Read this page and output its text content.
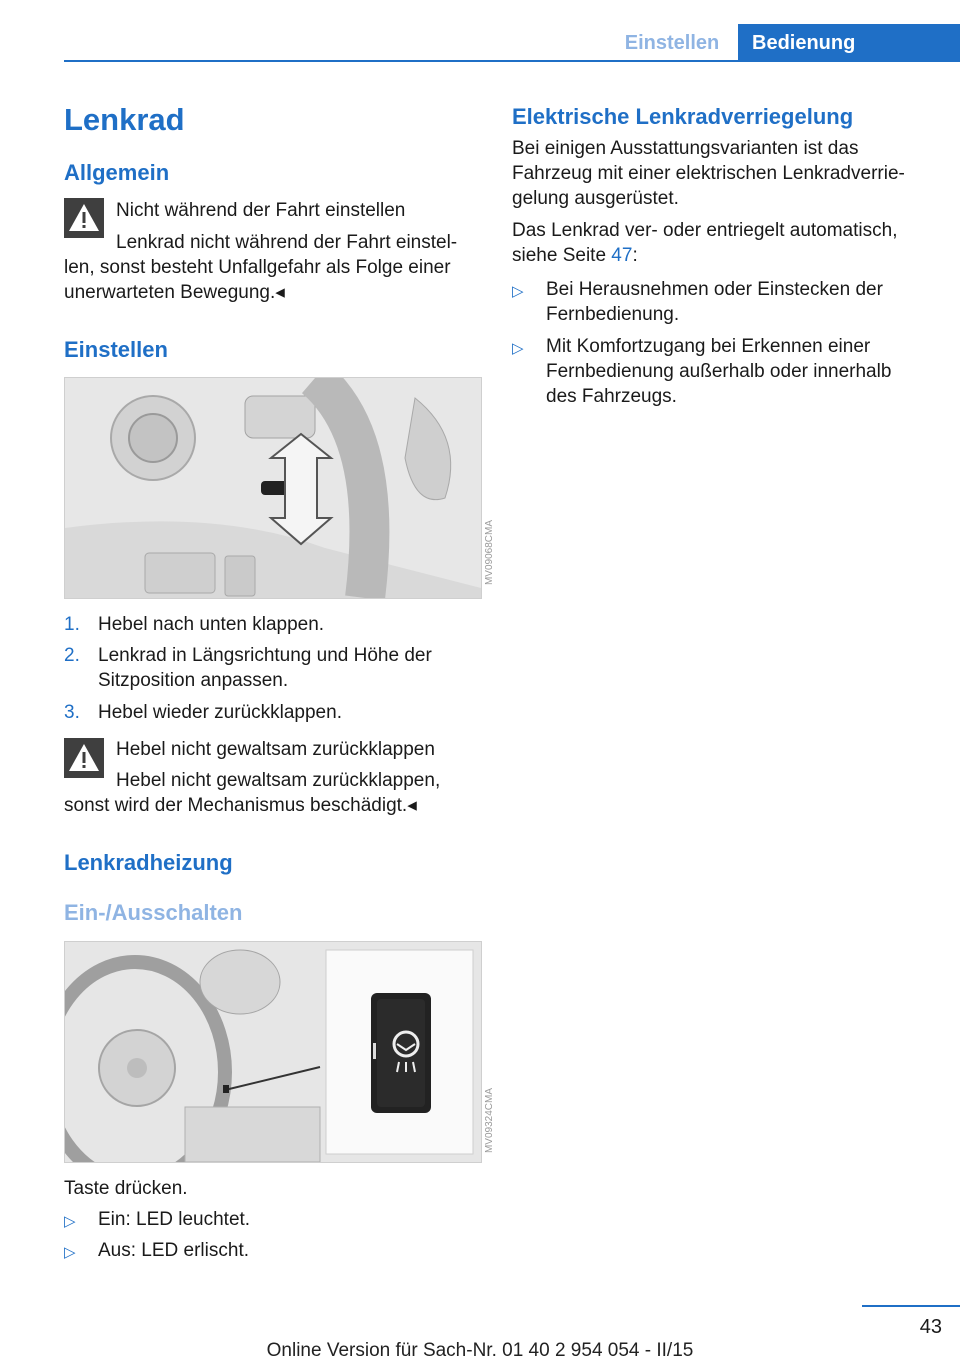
Einstellen	Bedienung
Lenkrad
Allgemein
Nicht während der Fahrt einstellen
Lenkrad nicht während der Fahrt einstel-
len, sonst besteht Unfallgefahr als Folge einer
unerwarteten Bewegung.◂
Einstellen
MV09068CMA
1. Hebel nach unten klappen.
2. Lenkrad in Längsrichtung und Höhe der
Sitzposition anpassen.
3. Hebel wieder zurückklappen.
Hebel nicht gewaltsam zurückklappen
Hebel nicht gewaltsam zurückklappen,
sonst wird der Mechanismus beschädigt.◂
Lenkradheizung
Ein-/Ausschalten
MV09324CMA
Taste drücken.
▷ Ein: LED leuchtet.
▷ Aus: LED erlischt.
Elektrische Lenkradverriegelung
Bei einigen Ausstattungsvarianten ist das
Fahrzeug mit einer elektrischen Lenkradverrie-
gelung ausgerüstet.
Das Lenkrad ver- oder entriegelt automatisch,
siehe Seite 47:
▷ Bei Herausnehmen oder Einstecken der
Fernbedienung.
▷ Mit Komfortzugang bei Erkennen einer
Fernbedienung außerhalb oder innerhalb
des Fahrzeugs.
43
Online Version für Sach-Nr. 01 40 2 954 054 - II/15
